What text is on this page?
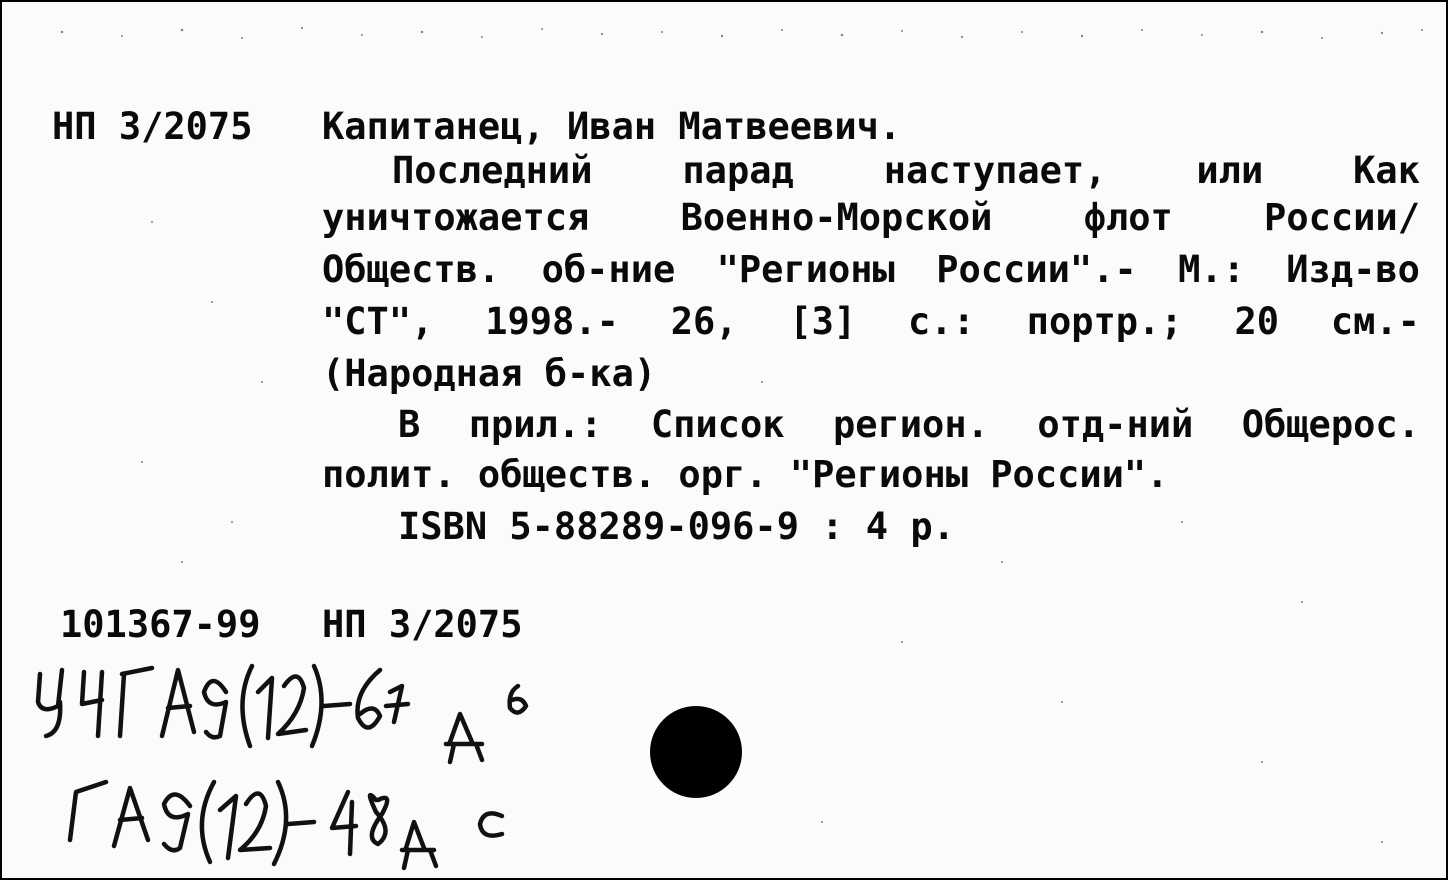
НП 3/2075 Капитанец, Иван Матвеевич.
Последний парад наступает, или Как
уничтожается Военно-Морской флот России/
Обществ. об-ние "Регионы России".- М.: Изд-во
"СТ", 1998.- 26, [3] с.: портр.; 20 см.-
(Народная б-ка)
В прил.: Список регион. отд-ний Общерос.
полит. обществ. орг. "Регионы России".
ISBN 5-88289-096-9 : 4 р.
101367-99 НП 3/2075
